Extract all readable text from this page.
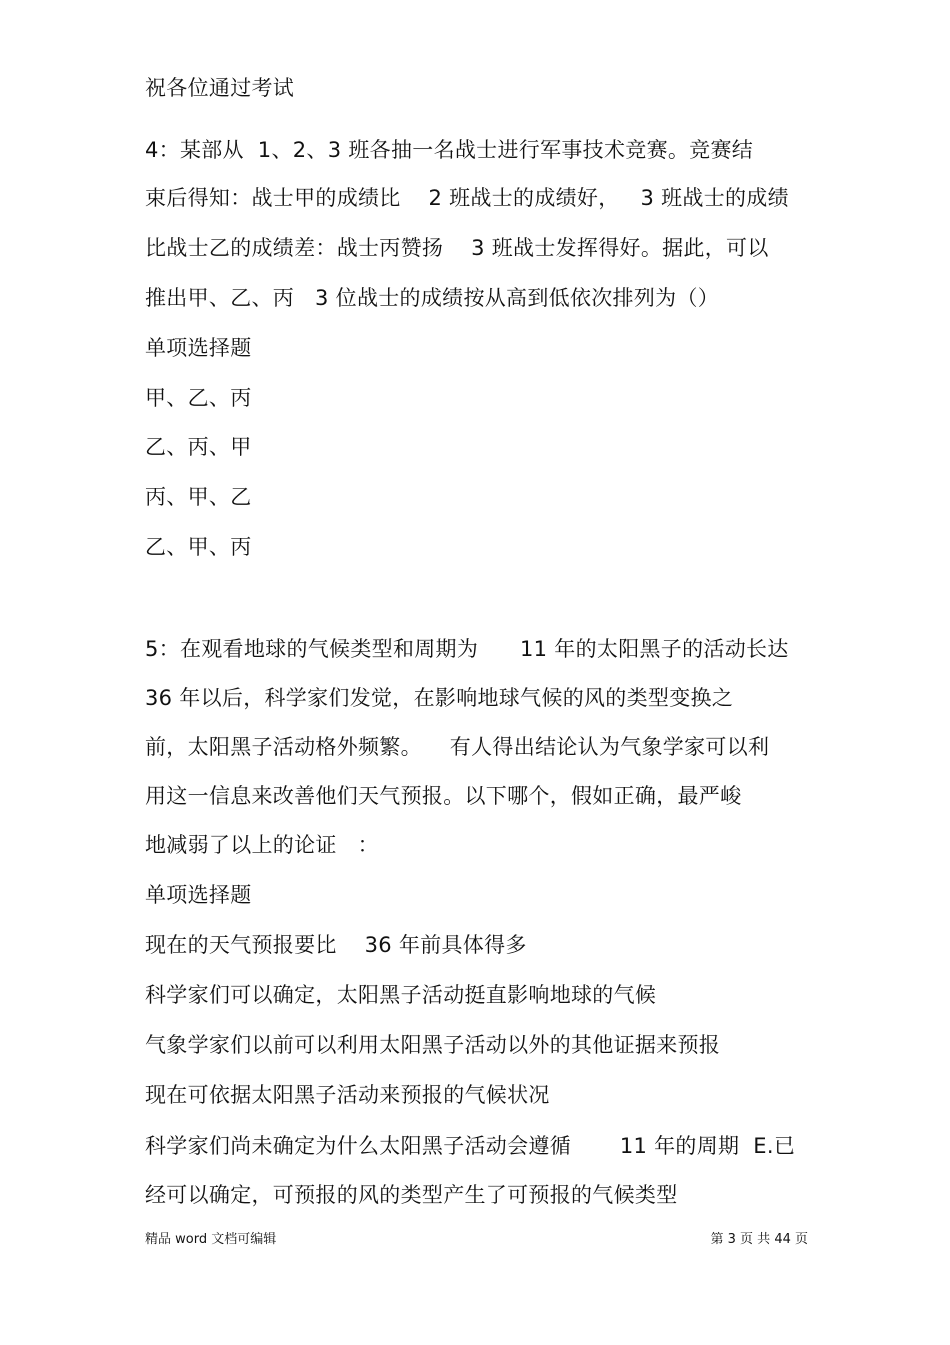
祝各位通过考试
4：某部从  1、2、3 班各抽一名战士进行军事技术竞赛。竞赛结
束后得知：战士甲的成绩比    2 班战士的成绩好，   3 班战士的成绩
比战士乙的成绩差：战士丙赞扬    3 班战士发挥得好。据此，可以
推出甲、乙、丙   3 位战士的成绩按从高到低依次排列为（）
单项选择题
甲、乙、丙
乙、丙、甲
丙、甲、乙
乙、甲、丙
5：在观看地球的气候类型和周期为      11 年的太阳黑子的活动长达
36 年以后，科学家们发觉，在影响地球气候的风的类型变换之
前，太阳黑子活动格外频繁。    有人得出结论认为气象学家可以利
用这一信息来改善他们天气预报。以下哪个，假如正确，最严峻
地减弱了以上的论证   ：
单项选择题
现在的天气预报要比    36 年前具体得多
科学家们可以确定，太阳黑子活动挺直影响地球的气候
气象学家们以前可以利用太阳黑子活动以外的其他证据来预报
现在可依据太阳黑子活动来预报的气候状况
科学家们尚未确定为什么太阳黑子活动会遵循       11 年的周期  E.已
经可以确定，可预报的风的类型产生了可预报的气候类型
精品 word 文档可编辑	第 3 页 共 44 页
